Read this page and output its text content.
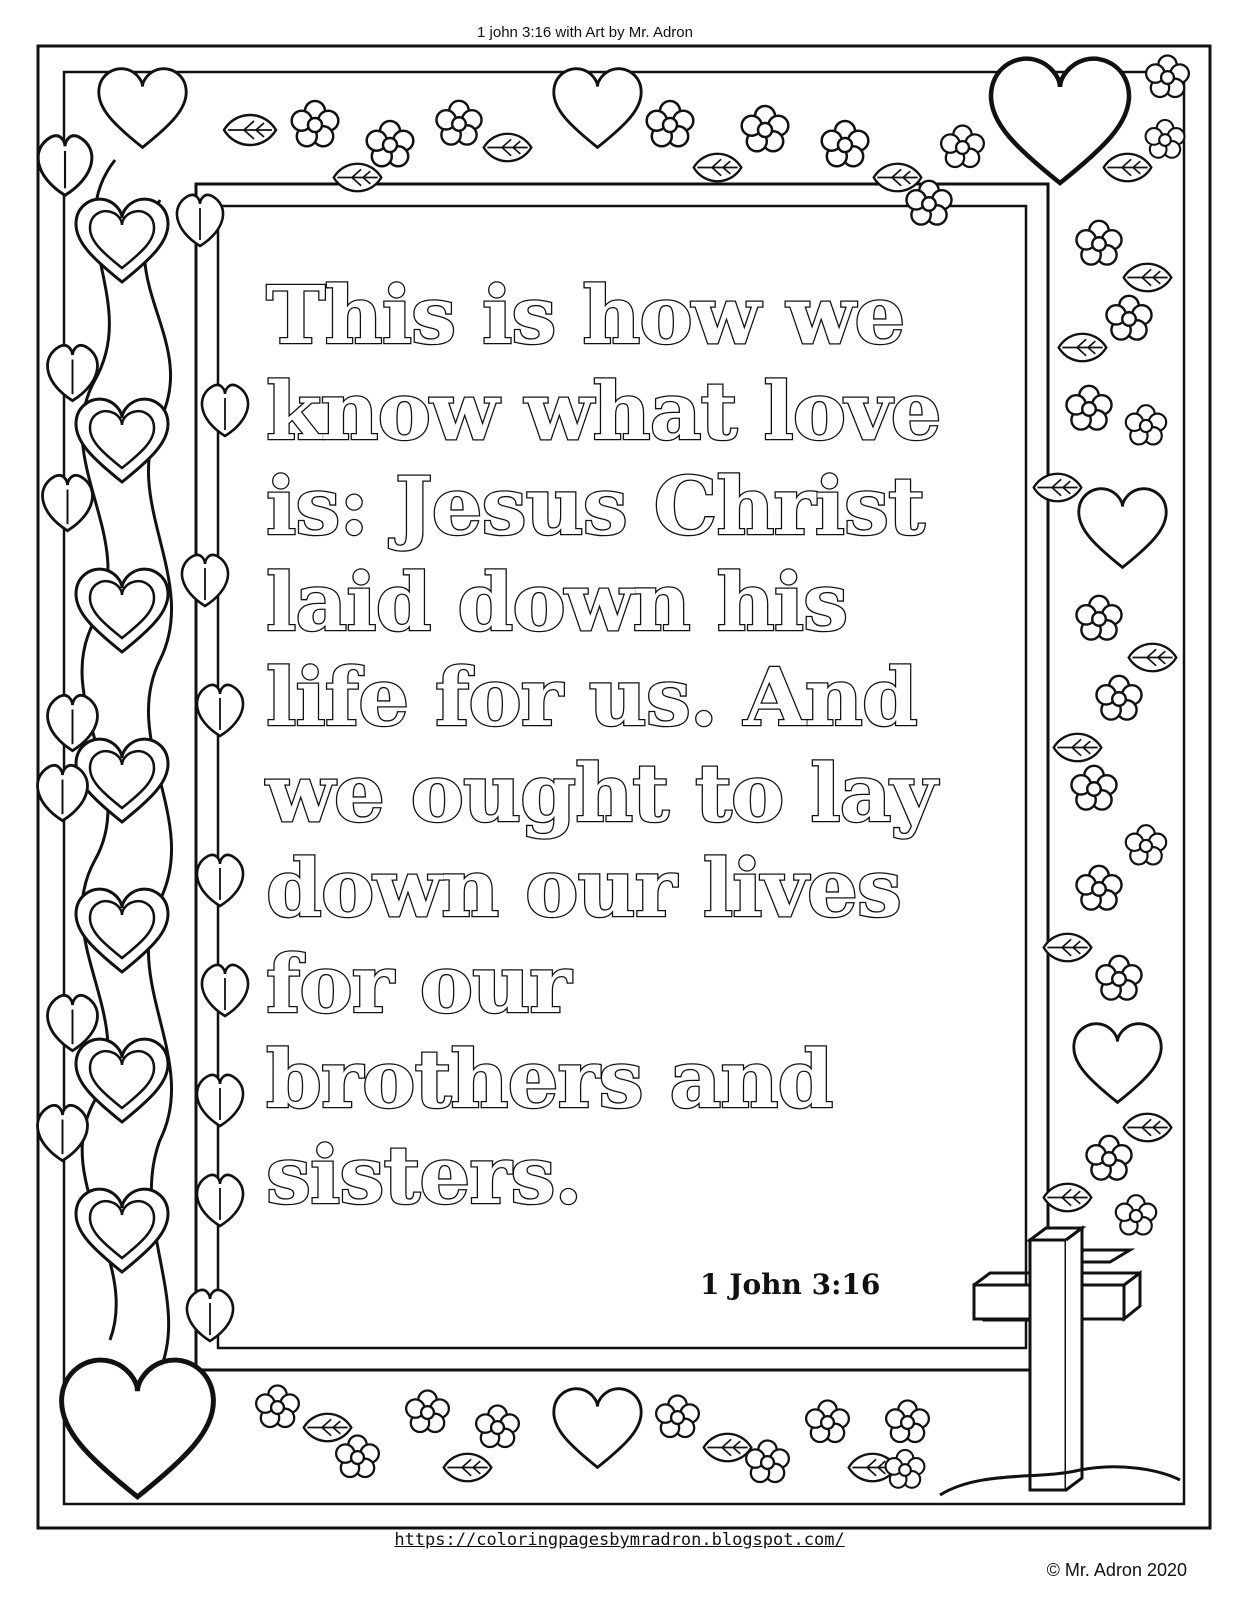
1 john 3:16 with Art by Mr. Adron

This is how we
know what love
is: Jesus Christ
laid down his
life for us. And
we ought to lay
down our lives
for our
brothers and
sisters.

1 John 3:16
https://coloringpagesbymradron.blogspot.com/
© Mr. Adron 2020
